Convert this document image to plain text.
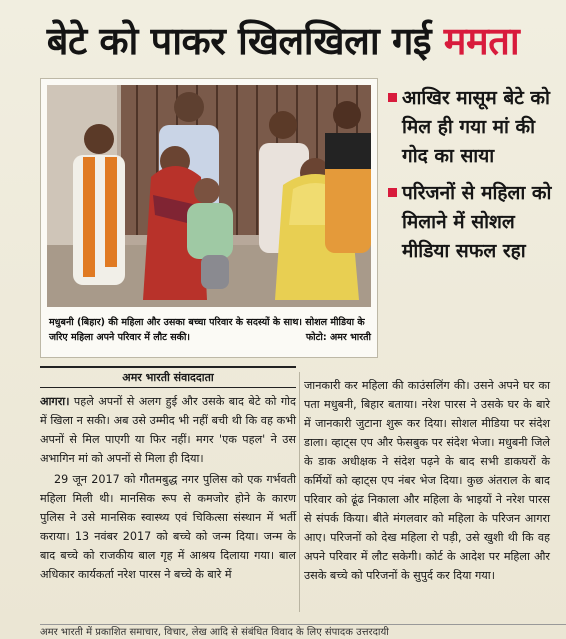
बेटे को पाकर खिलखिला गई ममता
मधुबनी (बिहार) की महिला और उसका बच्चा परिवार के सदस्यों के साथ। सोशल मीडिया के जरिए महिला अपने परिवार में लौट सकी।	फोटो: अमर भारती
आखिर मासूम बेटे को मिल ही गया मां की गोद का साया
परिजनों से महिला को मिलाने में सोशल मीडिया सफल रहा
अमर भारती संवाददाता

आगरा। पहले अपनों से अलग हुई और उसके बाद बेटे को गोद में खिला न सकी। अब उसे उम्मीद भी नहीं बची थी कि वह कभी अपनों से मिल पाएगी या फिर नहीं। मगर 'एक पहल' ने उस अभागिन मां को अपनों से मिला ही दिया।

29 जून 2017 को गौतमबुद्ध नगर पुलिस को एक गर्भवती महिला मिली थी। मानसिक रूप से कमजोर होने के कारण पुलिस ने उसे मानसिक स्वास्थ्य एवं चिकित्सा संस्थान में भर्ती कराया। 13 नवंबर 2017 को बच्चे को जन्म दिया। जन्म के बाद बच्चे को राजकीय बाल गृह में आश्रय दिलाया गया। बाल अधिकार कार्यकर्ता नरेश पारस ने बच्चे के बारे में

जानकारी कर महिला की काउंसलिंग की। उसने अपने घर का पता मधुबनी, बिहार बताया। नरेश पारस ने उसके घर के बारे में जानकारी जुटाना शुरू कर दिया। सोशल मीडिया पर संदेश डाला। व्हाट्स एप और फेसबुक पर संदेश भेजा। मधुबनी जिले के डाक अधीक्षक ने संदेश पढ़ने के बाद सभी डाकघरों के कर्मियों को व्हाट्स एप नंबर भेज दिया। कुछ अंतराल के बाद परिवार को ढूंढ निकाला और महिला के भाइयों ने नरेश पारस से संपर्क किया। बीते मंगलवार को महिला के परिजन आगरा आए। परिजनों को देख महिला रो पड़ी, उसे खुशी थी कि वह अपने परिवार में लौट सकेगी। कोर्ट के आदेश पर महिला और उसके बच्चे को परिजनों के सुपुर्द कर दिया गया।

अमर भारती में प्रकाशित समाचार, विचार, लेख आदि से संबंधित विवाद के लिए संपादक उत्तरदायी
